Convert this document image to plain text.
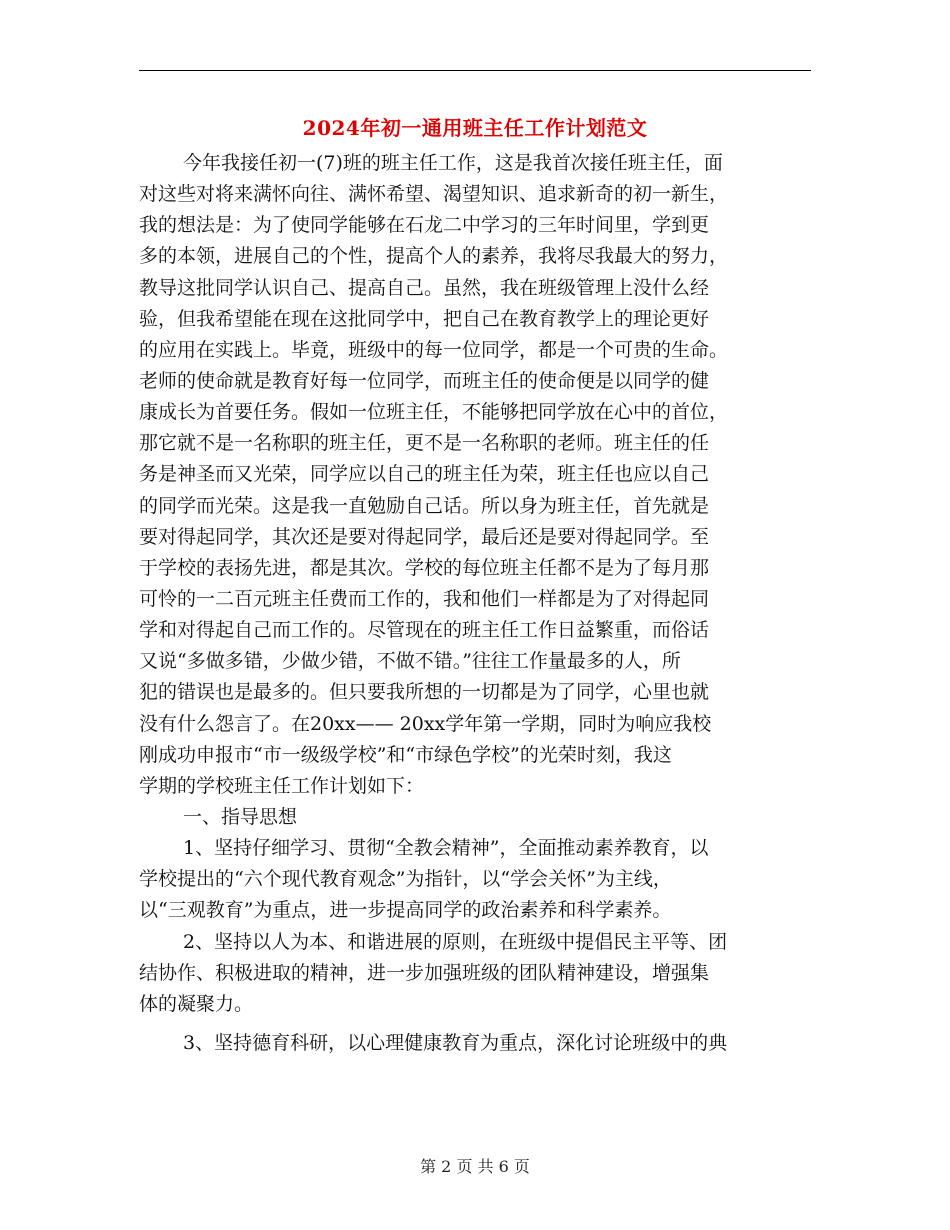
2024年初一通用班主任工作计划范文
今年我接任初一(7)班的班主任工作，这是我首次接任班主任，面
对这些对将来满怀向往、满怀希望、渴望知识、追求新奇的初一新生，
我的想法是：为了使同学能够在石龙二中学习的三年时间里，学到更
多的本领，进展自己的个性，提高个人的素养，我将尽我最大的努力，
教导这批同学认识自己、提高自己。虽然，我在班级管理上没什么经
验，但我希望能在现在这批同学中，把自己在教育教学上的理论更好
的应用在实践上。毕竟，班级中的每一位同学，都是一个可贵的生命。
老师的使命就是教育好每一位同学，而班主任的使命便是以同学的健
康成长为首要任务。假如一位班主任，不能够把同学放在心中的首位，
那它就不是一名称职的班主任，更不是一名称职的老师。班主任的任
务是神圣而又光荣，同学应以自己的班主任为荣，班主任也应以自己
的同学而光荣。这是我一直勉励自己话。所以身为班主任，首先就是
要对得起同学，其次还是要对得起同学，最后还是要对得起同学。至
于学校的表扬先进，都是其次。学校的每位班主任都不是为了每月那
可怜的一二百元班主任费而工作的，我和他们一样都是为了对得起同
学和对得起自己而工作的。尽管现在的班主任工作日益繁重，而俗话
又说“多做多错，少做少错，不做不错。”往往工作量最多的人，所
犯的错误也是最多的。但只要我所想的一切都是为了同学，心里也就
没有什么怨言了。在20xx—— 20xx学年第一学期，同时为响应我校
刚成功申报市“市一级级学校”和“市绿色学校”的光荣时刻，我这
学期的学校班主任工作计划如下：
一、指导思想
1、坚持仔细学习、贯彻“全教会精神”，全面推动素养教育，以
学校提出的“六个现代教育观念”为指针，以“学会关怀”为主线，
以“三观教育”为重点，进一步提高同学的政治素养和科学素养。
2、坚持以人为本、和谐进展的原则，在班级中提倡民主平等、团
结协作、积极进取的精神，进一步加强班级的团队精神建设，增强集
体的凝聚力。
3、坚持德育科研，以心理健康教育为重点，深化讨论班级中的典
第 2 页 共 6 页
